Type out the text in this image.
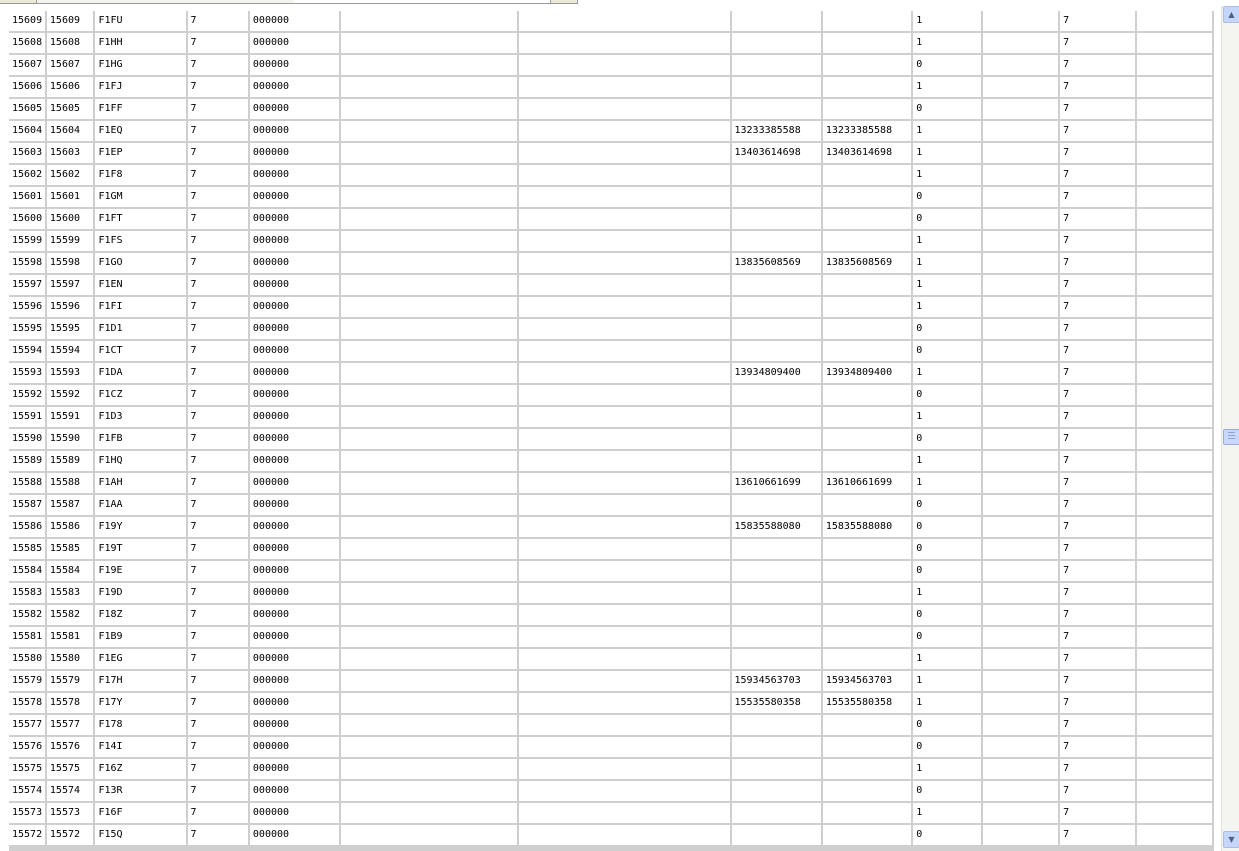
15609	15609	F1FU	7	000000					1		7	
15608	15608	F1HH	7	000000					1		7	
15607	15607	F1HG	7	000000					0		7	
15606	15606	F1FJ	7	000000					1		7	
15605	15605	F1FF	7	000000					0		7	
15604	15604	F1EQ	7	000000			13233385588	13233385588	1		7	
15603	15603	F1EP	7	000000			13403614698	13403614698	1		7	
15602	15602	F1F8	7	000000					1		7	
15601	15601	F1GM	7	000000					0		7	
15600	15600	F1FT	7	000000					0		7	
15599	15599	F1FS	7	000000					1		7	
15598	15598	F1GO	7	000000			13835608569	13835608569	1		7	
15597	15597	F1EN	7	000000					1		7	
15596	15596	F1FI	7	000000					1		7	
15595	15595	F1D1	7	000000					0		7	
15594	15594	F1CT	7	000000					0		7	
15593	15593	F1DA	7	000000			13934809400	13934809400	1		7	
15592	15592	F1CZ	7	000000					0		7	
15591	15591	F1D3	7	000000					1		7	
15590	15590	F1FB	7	000000					0		7	
15589	15589	F1HQ	7	000000					1		7	
15588	15588	F1AH	7	000000			13610661699	13610661699	1		7	
15587	15587	F1AA	7	000000					0		7	
15586	15586	F19Y	7	000000			15835588080	15835588080	0		7	
15585	15585	F19T	7	000000					0		7	
15584	15584	F19E	7	000000					0		7	
15583	15583	F19D	7	000000					1		7	
15582	15582	F18Z	7	000000					0		7	
15581	15581	F1B9	7	000000					0		7	
15580	15580	F1EG	7	000000					1		7	
15579	15579	F17H	7	000000			15934563703	15934563703	1		7	
15578	15578	F17Y	7	000000			15535580358	15535580358	1		7	
15577	15577	F178	7	000000					0		7	
15576	15576	F14I	7	000000					0		7	
15575	15575	F16Z	7	000000					1		7	
15574	15574	F13R	7	000000					0		7	
15573	15573	F16F	7	000000					1		7	
15572	15572	F15Q	7	000000					0		7	
▲
▼
